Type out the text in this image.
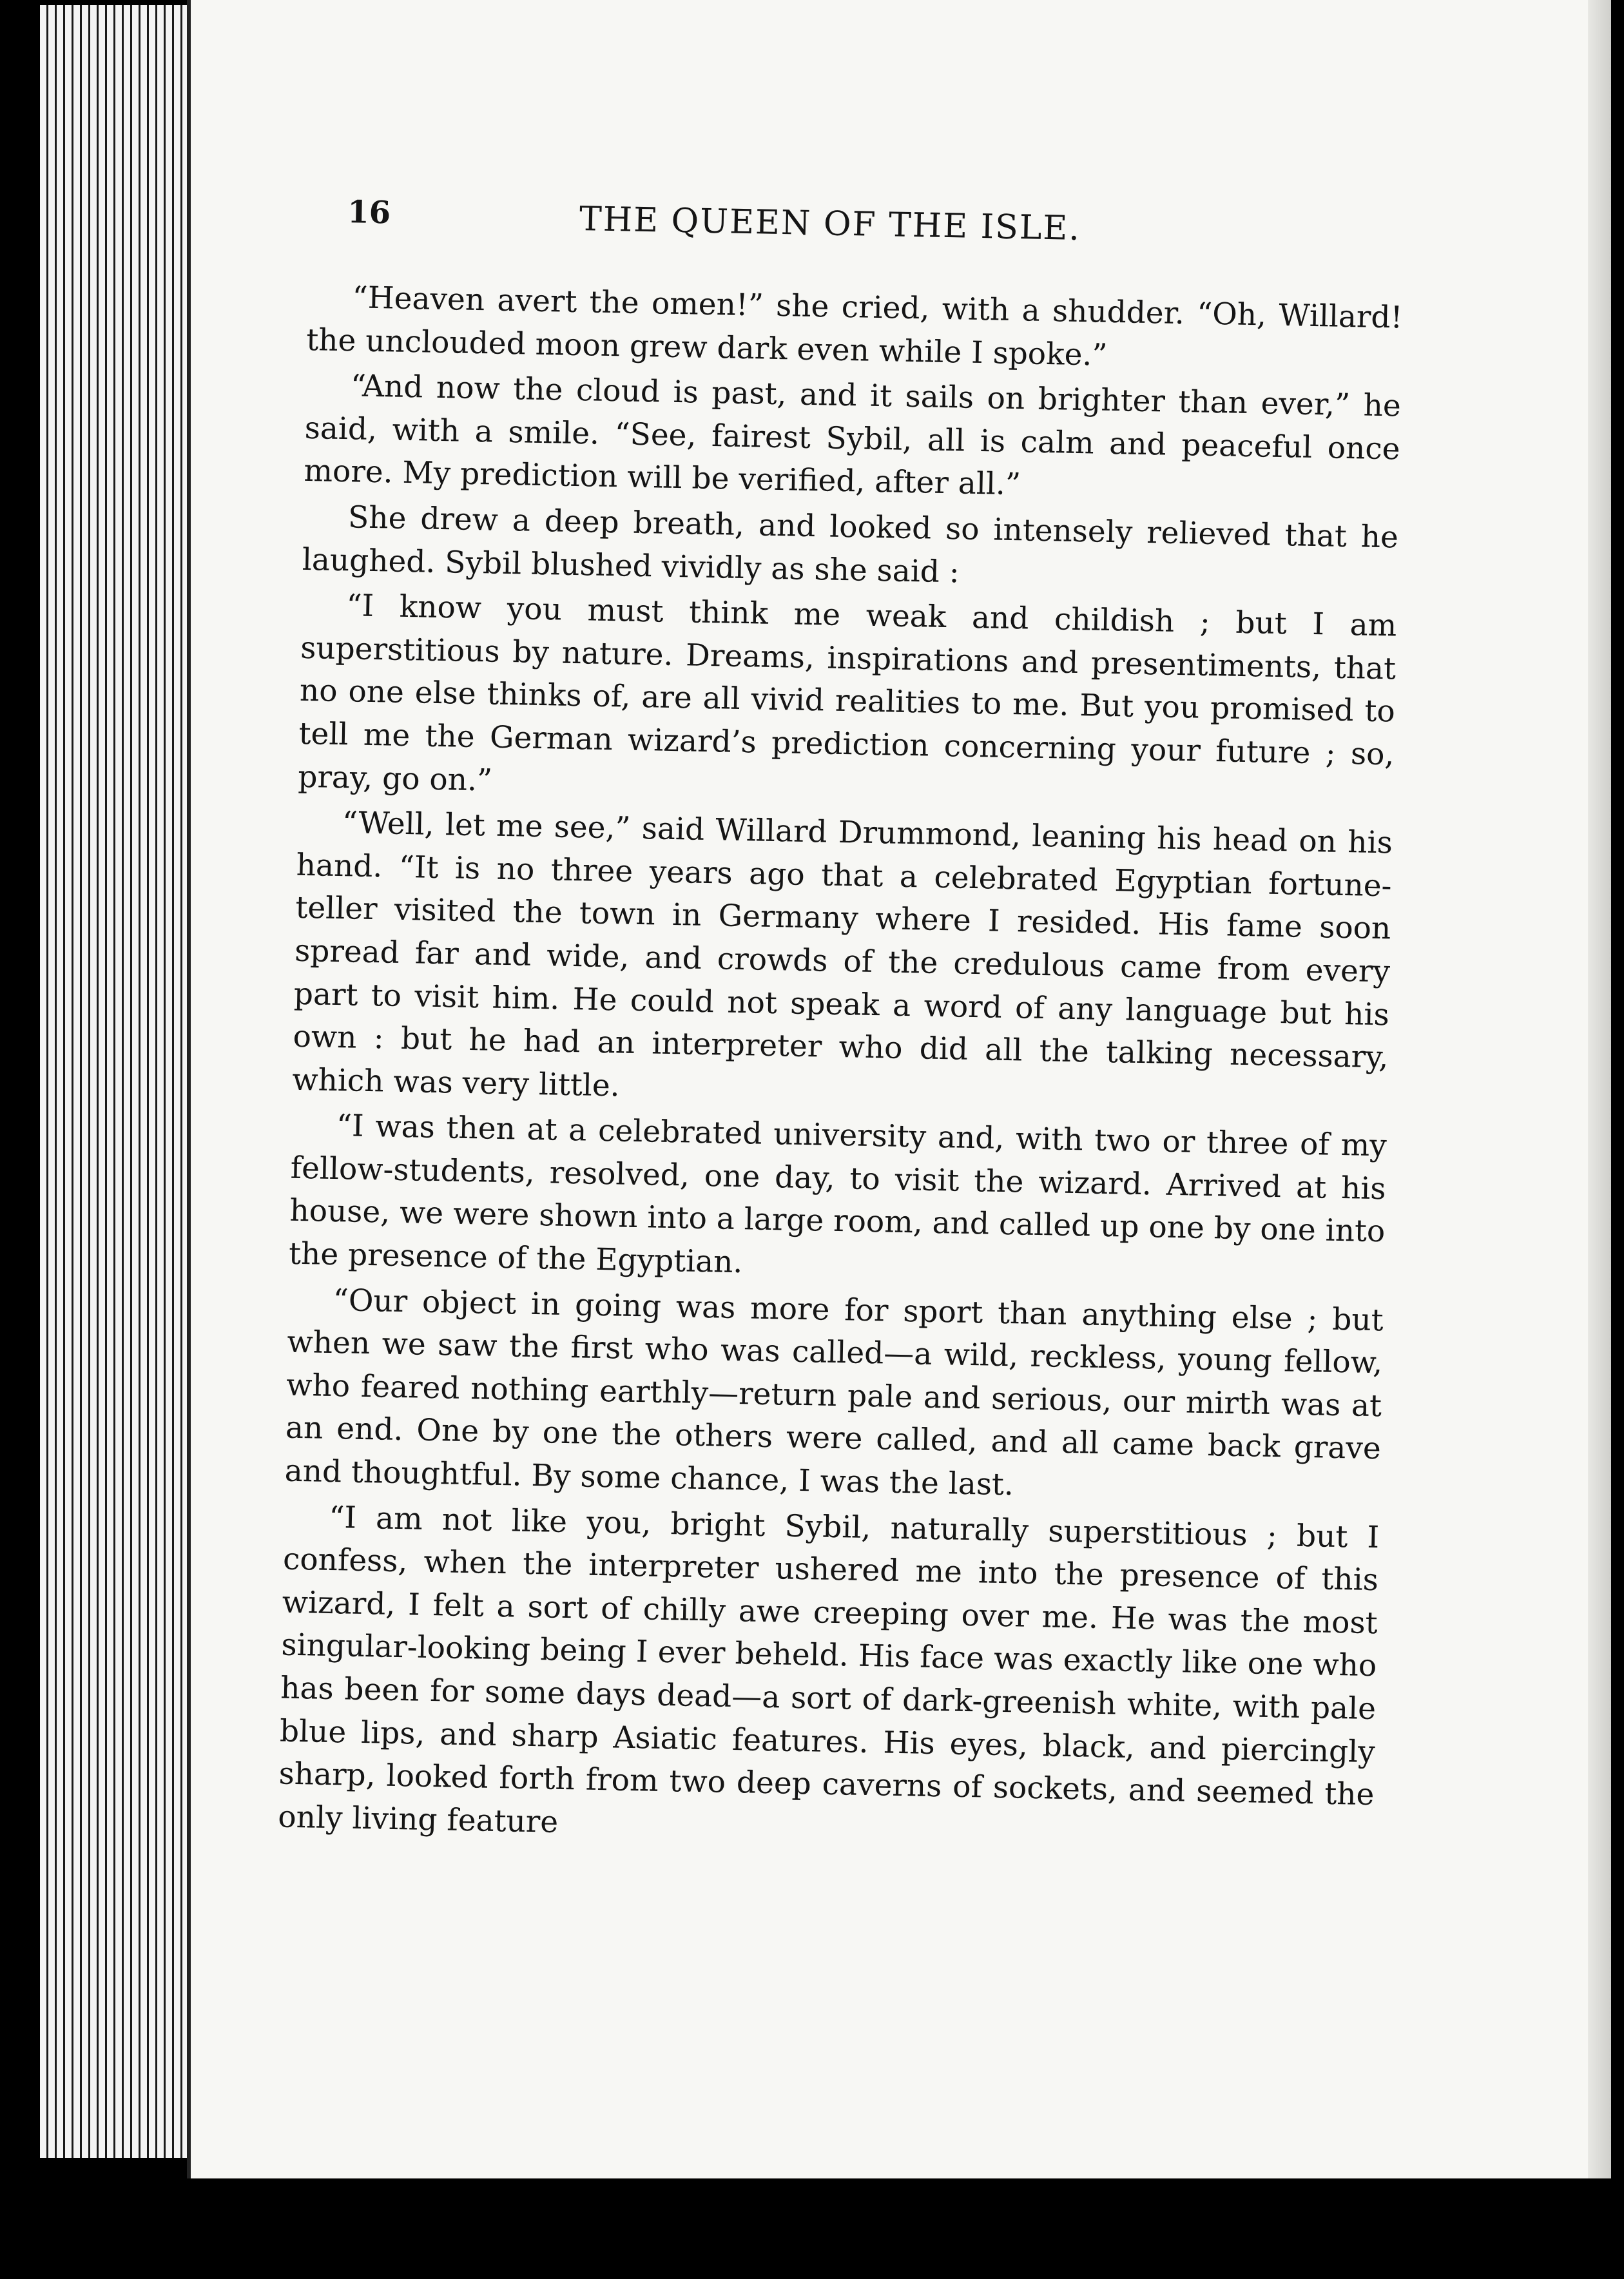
16	THE QUEEN OF THE ISLE.

“Heaven avert the omen!” she cried, with a shudder. “Oh, Willard! the unclouded moon grew dark even while I spoke.”

“And now the cloud is past, and it sails on brighter than ever,” he said, with a smile. “See, fairest Sybil, all is calm and peaceful once more. My prediction will be verified, after all.”

She drew a deep breath, and looked so intensely relieved that he laughed. Sybil blushed vividly as she said :

“I know you must think me weak and childish ; but I am superstitious by nature. Dreams, inspirations and presentiments, that no one else thinks of, are all vivid realities to me. But you promised to tell me the German wizard’s prediction concerning your future ; so, pray, go on.”

“Well, let me see,” said Willard Drummond, leaning his head on his hand. “It is no three years ago that a celebrated Egyptian fortune-teller visited the town in Germany where I resided. His fame soon spread far and wide, and crowds of the credulous came from every part to visit him. He could not speak a word of any language but his own : but he had an interpreter who did all the talking necessary, which was very little.

“I was then at a celebrated university and, with two or three of my fellow-students, resolved, one day, to visit the wizard. Arrived at his house, we were shown into a large room, and called up one by one into the presence of the Egyptian.

“Our object in going was more for sport than anything else ; but when we saw the first who was called—a wild, reckless, young fellow, who feared nothing earthly—return pale and serious, our mirth was at an end. One by one the others were called, and all came back grave and thoughtful. By some chance, I was the last.

“I am not like you, bright Sybil, naturally superstitious ; but I confess, when the interpreter ushered me into the presence of this wizard, I felt a sort of chilly awe creeping over me. He was the most singular-looking being I ever beheld. His face was exactly like one who has been for some days dead—a sort of dark-greenish white, with pale blue lips, and sharp Asiatic features. His eyes, black, and piercingly sharp, looked forth from two deep caverns of sockets, and seemed the only living feature
